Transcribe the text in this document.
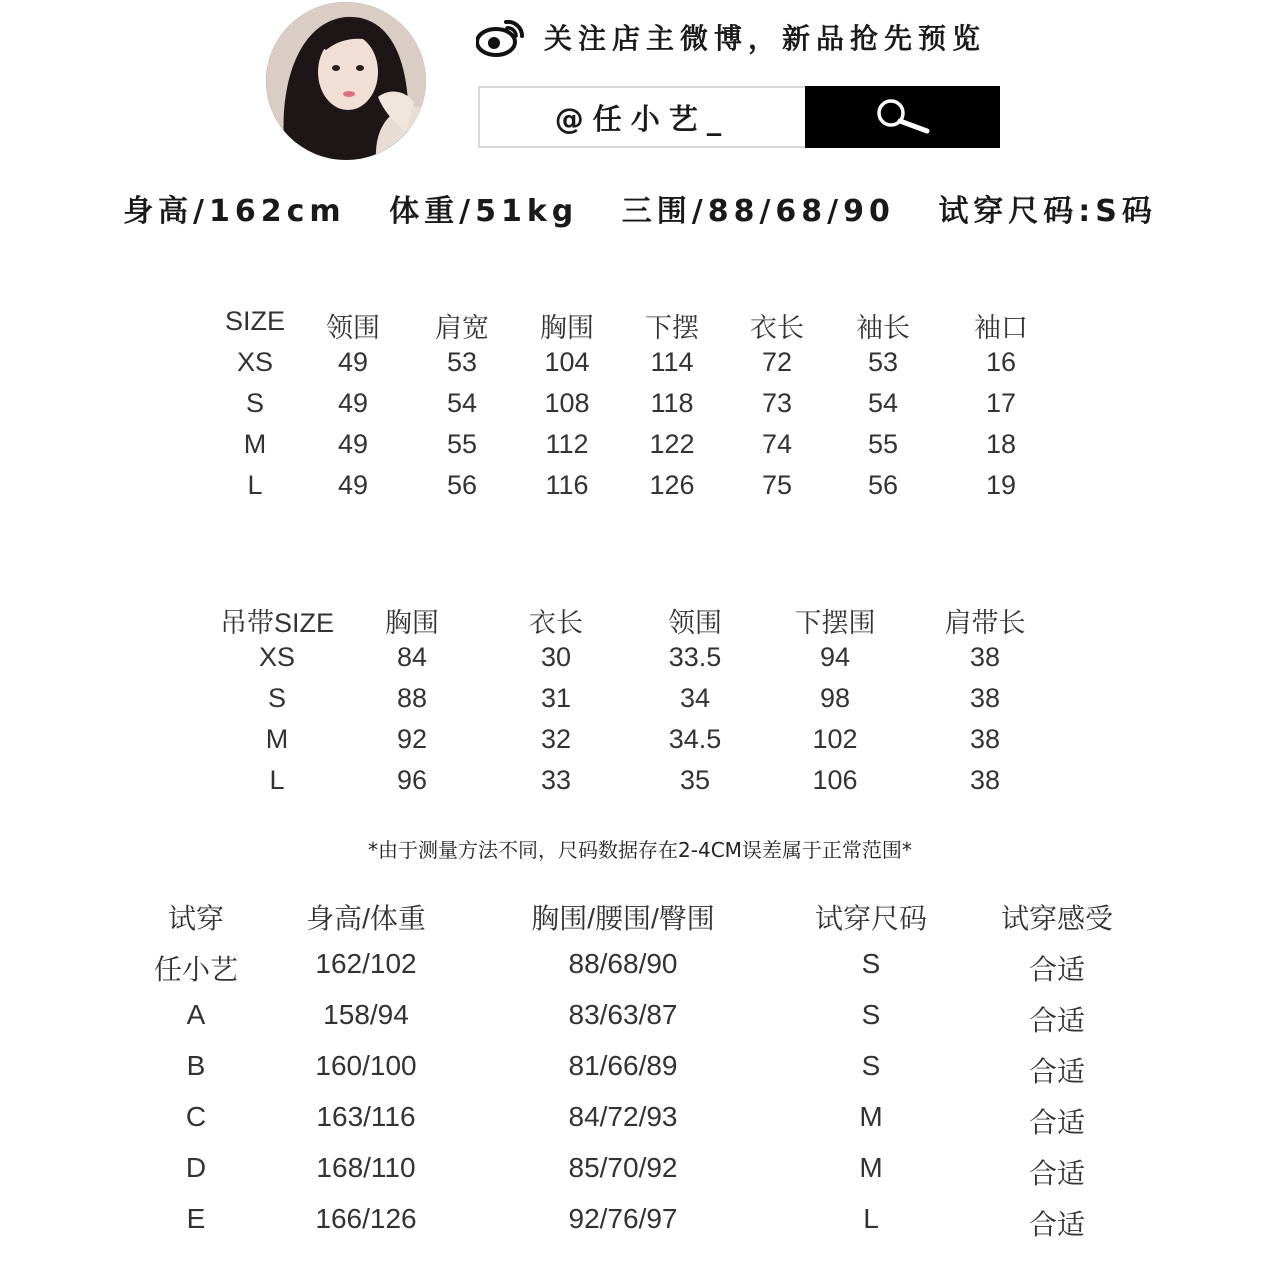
关注店主微博，新品抢先预览
@任小艺_
身高/162cm 体重/51kg 三围/88/68/90 试穿尺码:S码
SIZE 领围 肩宽 胸围 下摆 衣长 袖长 袖口
XS 49	53 104 114	72	53	16
S	49	54 108 118	73	54	17
M	49	55	112 122 74	55	18
L	49	56	116 126 75	56	19
吊带SIZE 胸围	衣长	领围	下摆围	肩带长
XS	84	30	33.5	94	38
S	88	31	34	98	38
M	92	32	34.5	102	38
L	96	33	35	106	38
*由于测量方法不同，尺码数据存在2-4CM误差属于正常范围*
试穿	身高/体重	胸围/腰围/臀围	试穿尺码	试穿感受
任小艺	162/102	88/68/90	S	合适
A	158/94	83/63/87	S	合适
B	160/100	81/66/89	S	合适
C	163/116	84/72/93	M	合适
D	168/110	85/70/92	M	合适
E	166/126	92/76/97	L	合适
